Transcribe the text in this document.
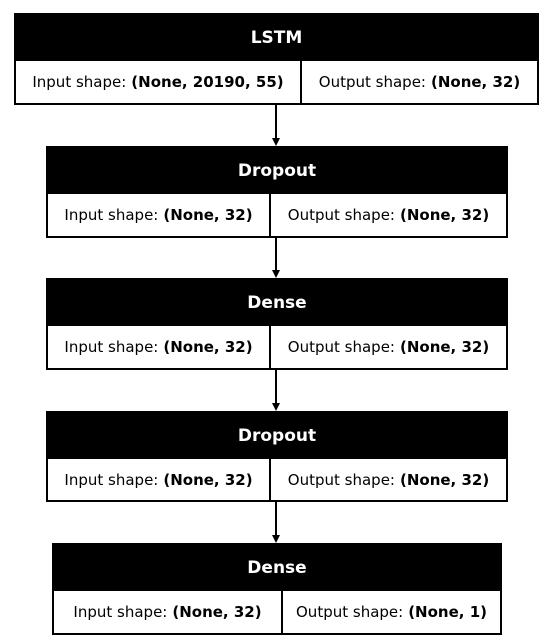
LSTM
Input shape: (None, 20190, 55) Output shape: (None, 32)
Dropout
Input shape: (None, 32) Output shape: (None, 32)
Dense
Input shape: (None, 32) Output shape: (None, 32)
Dropout
Input shape: (None, 32) Output shape: (None, 32)
Dense
Input shape: (None, 32) Output shape: (None, 1)
